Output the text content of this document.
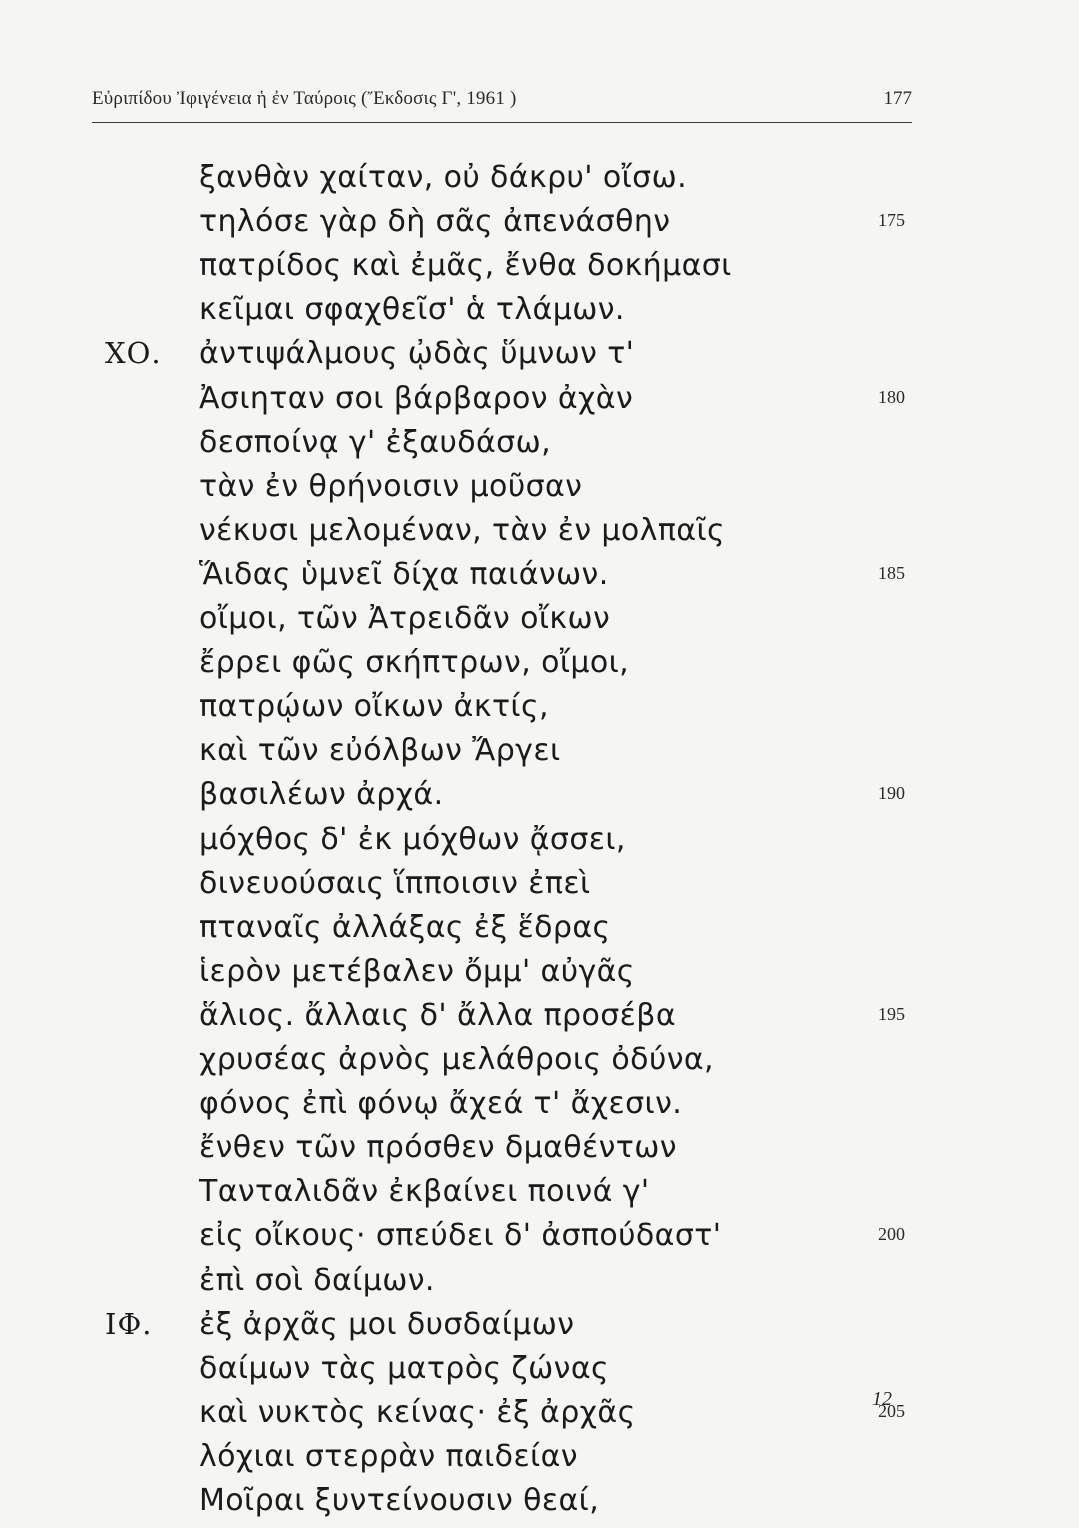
Εὐριπίδου Ἰφιγένεια ἡ ἐν Ταύροις (Ἔκδοσις Γ', 1961 )	177
ξανθὰν χαίταν, οὐ δάκρυ' οἴσω.
τηλόσε γὰρ δὴ σᾶς ἀπενάσθην	175
πατρίδος καὶ ἐμᾶς, ἔνθα δοκήμασι
κεῖμαι σφαχθεῖσ' ἁ τλάμων.
ΧΟ. ἀντιψάλμους ᾠδὰς ὕμνων τ'
Ἀσιηταν σοι βάρβαρον ἀχὰν	180
δεσποίνᾳ γ' ἐξαυδάσω,
τὰν ἐν θρήνοισιν μοῦσαν
νέκυσι μελομέναν, τὰν ἐν μολπαῖς
Ἅιδας ὑμνεῖ δίχα παιάνων.	185
οἴμοι, τῶν Ἀτρειδᾶν οἴκων
ἔρρει φῶς σκήπτρων, οἴμοι,
πατρῴων οἴκων ἀκτίς,
καὶ τῶν εὐόλβων Ἄργει
βασιλέων ἀρχά.	190
μόχθος δ' ἐκ μόχθων ᾄσσει,
δινευούσαις ἵπποισιν ἐπεὶ
πταναῖς ἀλλάξας ἐξ ἕδρας
ἱερὸν μετέβαλεν ὄμμ' αὐγᾶς
ἅλιος. ἄλλαις δ' ἄλλα προσέβα	195
χρυσέας ἀρνὸς μελάθροις ὀδύνα,
φόνος ἐπὶ φόνῳ ἄχεά τ' ἄχεσιν.
ἔνθεν τῶν πρόσθεν δμαθέντων
Τανταλιδᾶν ἐκβαίνει ποινά γ'
εἰς οἴκους· σπεύδει δ' ἀσπούδαστ'	200
ἐπὶ σοὶ δαίμων.
ΙΦ. ἐξ ἀρχᾶς μοι δυσδαίμων
δαίμων τὰς ματρὸς ζώνας
καὶ νυκτὸς κείνας· ἐξ ἀρχᾶς	205
λόχιαι στερρὰν παιδείαν
Μοῖραι ξυντείνουσιν θεαί,
12
